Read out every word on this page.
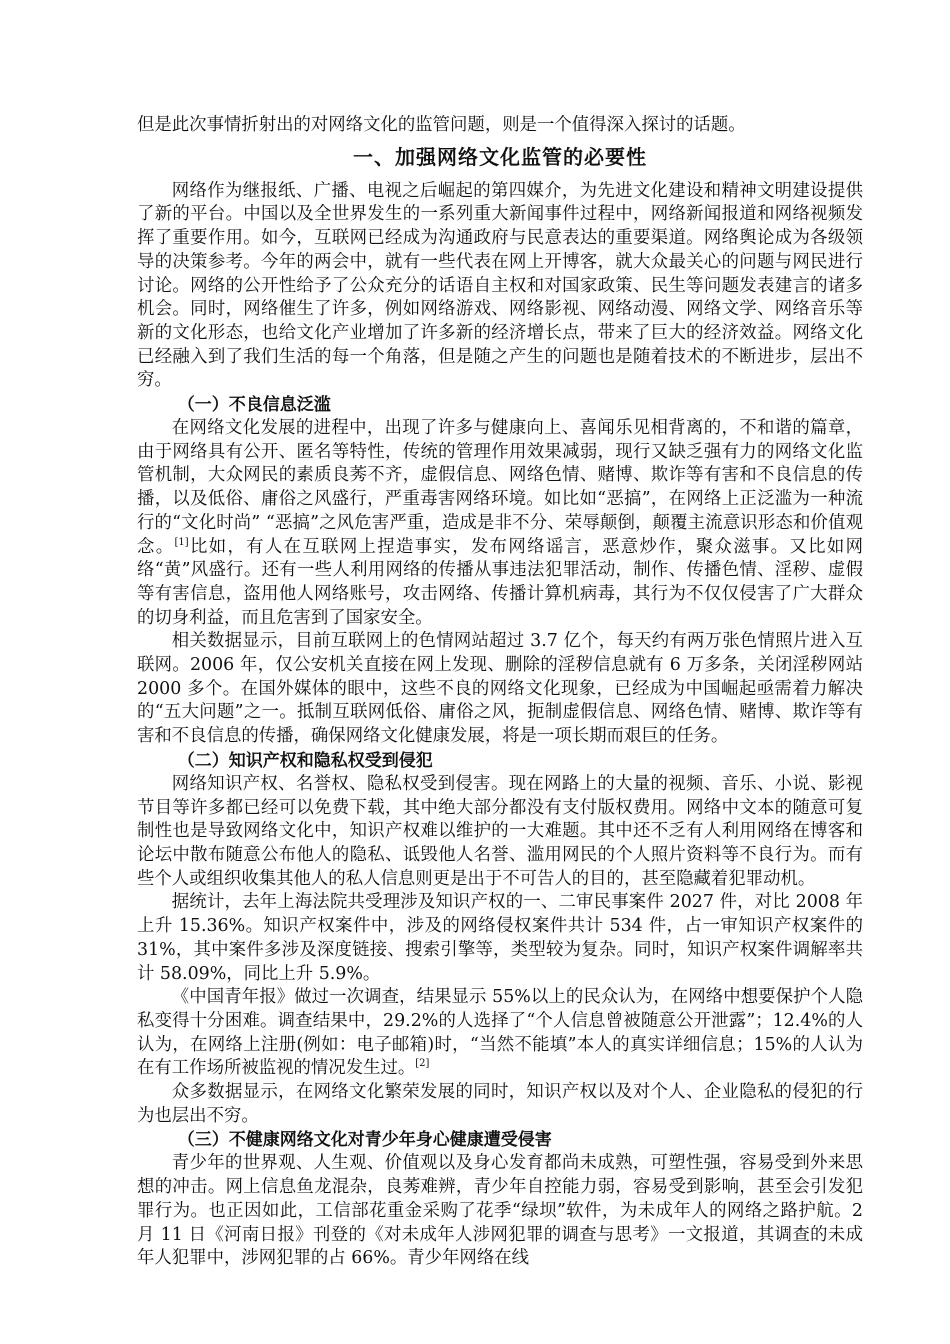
但是此次事情折射出的对网络文化的监管问题，则是一个值得深入探讨的话题。

一、加强网络文化监管的必要性

网络作为继报纸、广播、电视之后崛起的第四媒介，为先进文化建设和精神文明建设提供了新的平台。中国以及全世界发生的一系列重大新闻事件过程中，网络新闻报道和网络视频发挥了重要作用。如今，互联网已经成为沟通政府与民意表达的重要渠道。网络舆论成为各级领导的决策参考。今年的两会中，就有一些代表在网上开博客，就大众最关心的问题与网民进行讨论。网络的公开性给予了公众充分的话语自主权和对国家政策、民生等问题发表建言的诸多机会。同时，网络催生了许多，例如网络游戏、网络影视、网络动漫、网络文学、网络音乐等新的文化形态，也给文化产业增加了许多新的经济增长点，带来了巨大的经济效益。网络文化已经融入到了我们生活的每一个角落，但是随之产生的问题也是随着技术的不断进步，层出不穷。

（一）不良信息泛滥

在网络文化发展的进程中，出现了许多与健康向上、喜闻乐见相背离的，不和谐的篇章，由于网络具有公开、匿名等特性，传统的管理作用效果减弱，现行又缺乏强有力的网络文化监管机制，大众网民的素质良莠不齐，虚假信息、网络色情、赌博、欺诈等有害和不良信息的传播，以及低俗、庸俗之风盛行，严重毒害网络环境。如比如“恶搞”，在网络上正泛滥为一种流行的“文化时尚” “恶搞”之风危害严重，造成是非不分、荣辱颠倒，颠覆主流意识形态和价值观念。[1]比如，有人在互联网上捏造事实，发布网络谣言，恶意炒作，聚众滋事。又比如网络“黄”风盛行。还有一些人利用网络的传播从事违法犯罪活动，制作、传播色情、淫秽、虚假等有害信息，盗用他人网络账号，攻击网络、传播计算机病毒，其行为不仅仅侵害了广大群众的切身利益，而且危害到了国家安全。

相关数据显示，目前互联网上的色情网站超过 3.7 亿个，每天约有两万张色情照片进入互联网。2006 年，仅公安机关直接在网上发现、删除的淫秽信息就有 6 万多条，关闭淫秽网站 2000 多个。在国外媒体的眼中，这些不良的网络文化现象，已经成为中国崛起亟需着力解决的“五大问题”之一。抵制互联网低俗、庸俗之风，扼制虚假信息、网络色情、赌博、欺诈等有害和不良信息的传播，确保网络文化健康发展，将是一项长期而艰巨的任务。

（二）知识产权和隐私权受到侵犯

网络知识产权、名誉权、隐私权受到侵害。现在网路上的大量的视频、音乐、小说、影视节目等许多都已经可以免费下载，其中绝大部分都没有支付版权费用。网络中文本的随意可复制性也是导致网络文化中，知识产权难以维护的一大难题。其中还不乏有人利用网络在博客和论坛中散布随意公布他人的隐私、诋毁他人名誉、滥用网民的个人照片资料等不良行为。而有些个人或组织收集其他人的私人信息则更是出于不可告人的目的，甚至隐藏着犯罪动机。

据统计，去年上海法院共受理涉及知识产权的一、二审民事案件 2027 件，对比 2008 年上升 15.36%。知识产权案件中，涉及的网络侵权案件共计 534 件，占一审知识产权案件的 31%，其中案件多涉及深度链接、搜索引擎等，类型较为复杂。同时，知识产权案件调解率共计 58.09%，同比上升 5.9%。

《中国青年报》做过一次调查，结果显示 55%以上的民众认为，在网络中想要保护个人隐私变得十分困难。调查结果中，29.2%的人选择了“个人信息曾被随意公开泄露”；12.4%的人认为，在网络上注册(例如：电子邮箱)时，“当然不能填”本人的真实详细信息；15%的人认为在有工作场所被监视的情况发生过。[2]

众多数据显示，在网络文化繁荣发展的同时，知识产权以及对个人、企业隐私的侵犯的行为也层出不穷。

（三）不健康网络文化对青少年身心健康遭受侵害

青少年的世界观、人生观、价值观以及身心发育都尚未成熟，可塑性强，容易受到外来思想的冲击。网上信息鱼龙混杂，良莠难辨，青少年自控能力弱，容易受到影响，甚至会引发犯罪行为。也正因如此，工信部花重金采购了花季“绿坝”软件，为未成年人的网络之路护航。2 月 11 日《河南日报》刊登的《对未成年人涉网犯罪的调查与思考》一文报道，其调查的未成年人犯罪中，涉网犯罪的占 66%。青少年网络在线
